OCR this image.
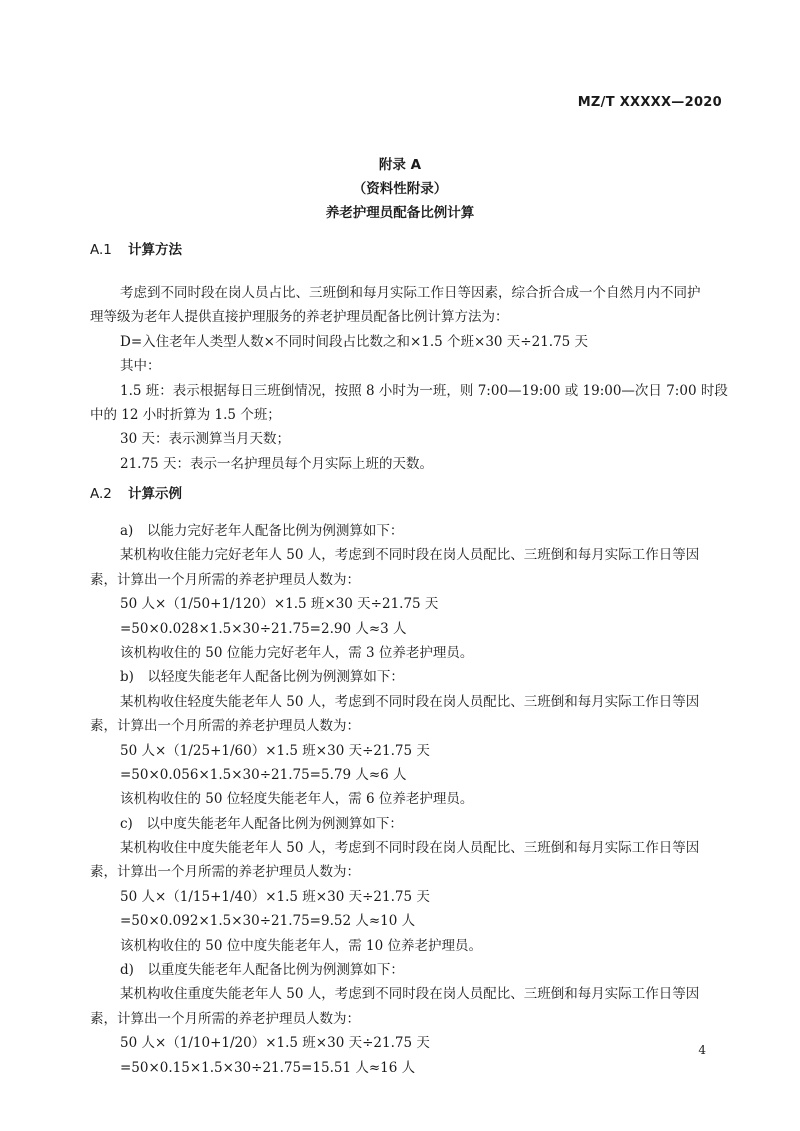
MZ/T XXXXX—2020
附录 A
（资料性附录）
养老护理员配备比例计算
A.1 计算方法

考虑到不同时段在岗人员占比、三班倒和每月实际工作日等因素，综合折合成一个自然月内不同护

理等级为老年人提供直接护理服务的养老护理员配备比例计算方法为：

D=入住老年人类型人数×不同时间段占比数之和×1.5 个班×30 天÷21.75 天

其中：

1.5 班：表示根据每日三班倒情况，按照 8 小时为一班，则 7:00—19:00 或 19:00—次日 7:00 时段

中的 12 小时折算为 1.5 个班；

30 天：表示测算当月天数；

21.75 天：表示一名护理员每个月实际上班的天数。

A.2 计算示例

a)　以能力完好老年人配备比例为例测算如下：

某机构收住能力完好老年人 50 人，考虑到不同时段在岗人员配比、三班倒和每月实际工作日等因

素，计算出一个月所需的养老护理员人数为：

50 人×（1/50+1/120）×1.5 班×30 天÷21.75 天

=50×0.028×1.5×30÷21.75=2.90 人≈3 人

该机构收住的 50 位能力完好老年人，需 3 位养老护理员。

b)　以轻度失能老年人配备比例为例测算如下：

某机构收住轻度失能老年人 50 人，考虑到不同时段在岗人员配比、三班倒和每月实际工作日等因

素，计算出一个月所需的养老护理员人数为：

50 人×（1/25+1/60）×1.5 班×30 天÷21.75 天

=50×0.056×1.5×30÷21.75=5.79 人≈6 人

该机构收住的 50 位轻度失能老年人，需 6 位养老护理员。

c)　以中度失能老年人配备比例为例测算如下：

某机构收住中度失能老年人 50 人，考虑到不同时段在岗人员配比、三班倒和每月实际工作日等因

素，计算出一个月所需的养老护理员人数为：

50 人×（1/15+1/40）×1.5 班×30 天÷21.75 天

=50×0.092×1.5×30÷21.75=9.52 人≈10 人

该机构收住的 50 位中度失能老年人，需 10 位养老护理员。

d)　以重度失能老年人配备比例为例测算如下：

某机构收住重度失能老年人 50 人，考虑到不同时段在岗人员配比、三班倒和每月实际工作日等因

素，计算出一个月所需的养老护理员人数为：

50 人×（1/10+1/20）×1.5 班×30 天÷21.75 天

=50×0.15×1.5×30÷21.75=15.51 人≈16 人

4
